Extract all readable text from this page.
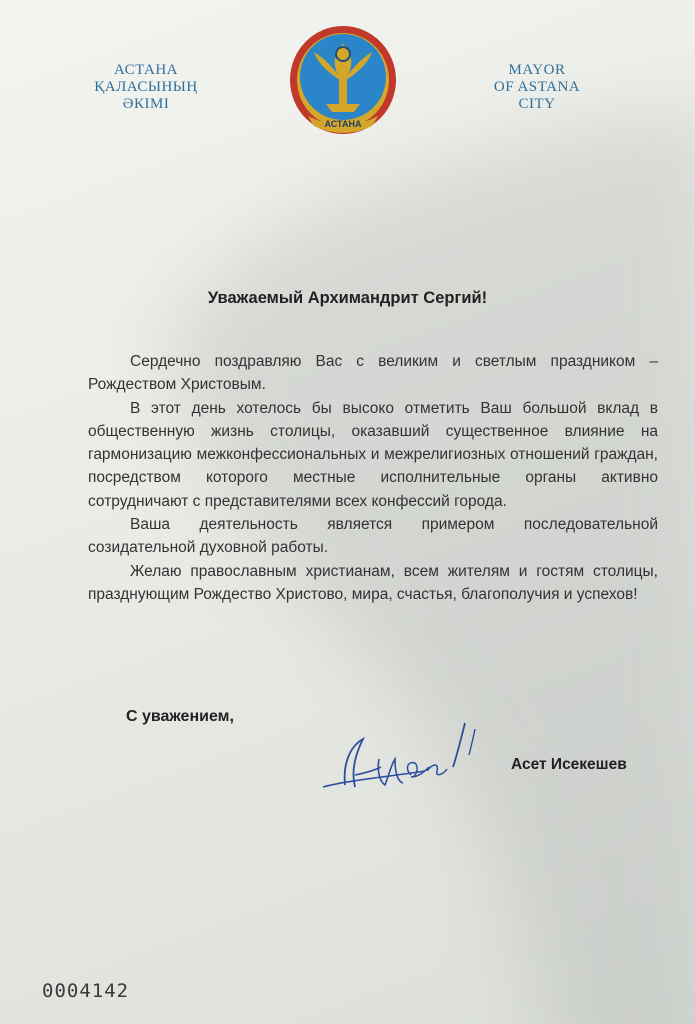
АСТАНА
ҚАЛАСЫНЫҢ
ӘКІМІ
АСТАНА
MAYOR
OF ASTANA
CITY
Уважаемый Архимандрит Сергий!

Сердечно поздравляю Вас с великим и светлым праздником – Рождеством Христовым.

В этот день хотелось бы высоко отметить Ваш большой вклад в общественную жизнь столицы, оказавший существенное влияние на гармонизацию межконфессиональных и межрелигиозных отношений граждан, посредством которого местные исполнительные органы активно сотрудничают с представителями всех конфессий города.

Ваша деятельность является примером последовательной созидательной духовной работы.

Желаю православным христианам, всем жителям и гостям столицы, празднующим Рождество Христово, мира, счастья, благополучия и успехов!

С уважением,
Асет Исекешев
0004142
